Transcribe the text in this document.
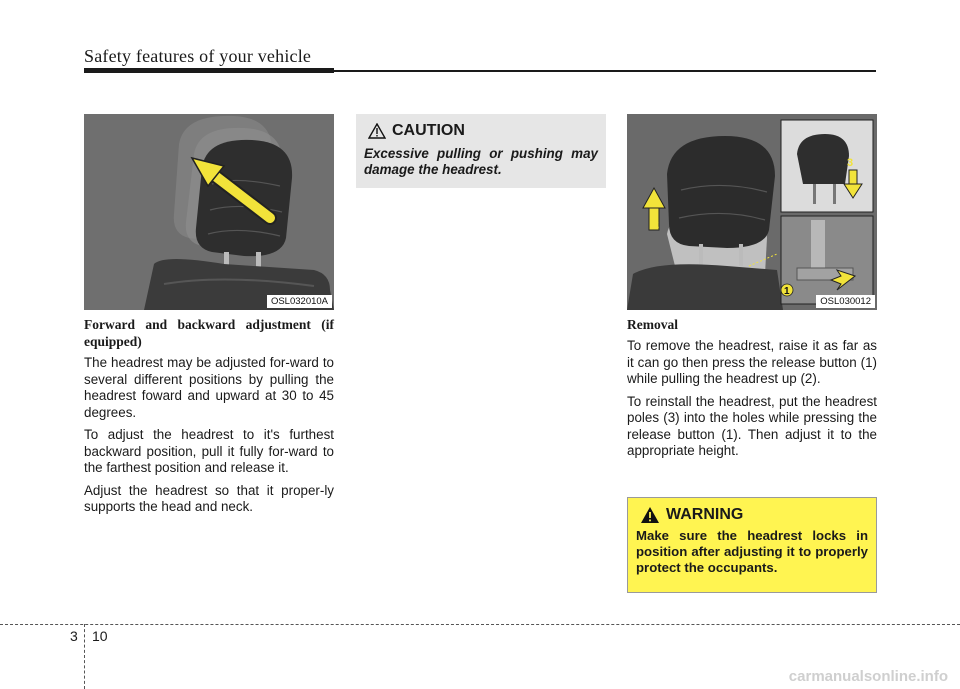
Safety features of your vehicle
OSL032010A
Forward and backward adjustment (if equipped)

The headrest may be adjusted for-ward to several different positions by pulling the headrest foward and upward at 30 to 45 degrees.

To adjust the headrest to it's furthest backward position, pull it fully for-ward to the farthest position and release it.

Adjust the headrest so that it proper-ly supports the head and neck.

CAUTION

Excessive pulling or pushing may damage the headrest.

2
3
1
OSL030012
Removal

To remove the headrest, raise it as far as it can go then press the release button (1) while pulling the headrest up (2).

To reinstall the headrest, put the headrest poles (3) into the holes while pressing the release button (1). Then adjust it to the appropriate height.

WARNING

Make sure the headrest locks in position after adjusting it to properly protect the occupants.

3 10
carmanualsonline.info
